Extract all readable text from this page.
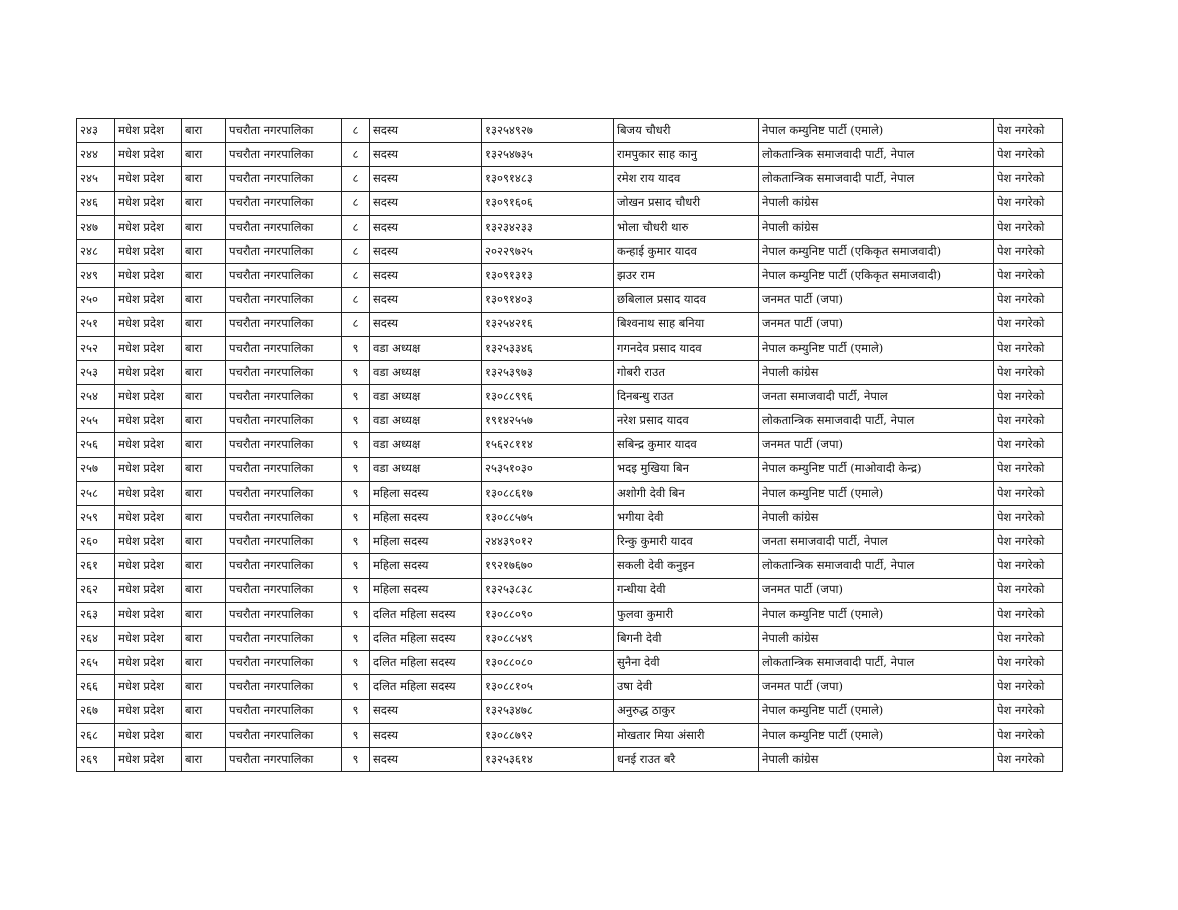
२४३	मधेश प्रदेश	बारा	पचरौता नगरपालिका	८	सदस्य	१३२५४९२७	बिजय चौधरी	नेपाल कम्युनिष्ट पार्टी (एमाले)	पेश नगरेको
२४४	मधेश प्रदेश	बारा	पचरौता नगरपालिका	८	सदस्य	१३२५४७३५	रामपुकार साह कानु	लोकतान्त्रिक समाजवादी पार्टी, नेपाल	पेश नगरेको
२४५	मधेश प्रदेश	बारा	पचरौता नगरपालिका	८	सदस्य	१३०९१४८३	रमेश राय यादव	लोकतान्त्रिक समाजवादी पार्टी, नेपाल	पेश नगरेको
२४६	मधेश प्रदेश	बारा	पचरौता नगरपालिका	८	सदस्य	१३०९१६०६	जोखन प्रसाद चौधरी	नेपाली कांग्रेस	पेश नगरेको
२४७	मधेश प्रदेश	बारा	पचरौता नगरपालिका	८	सदस्य	१३२३४२३३	भोला चौधरी थारु	नेपाली कांग्रेस	पेश नगरेको
२४८	मधेश प्रदेश	बारा	पचरौता नगरपालिका	८	सदस्य	२०२२९७२५	कन्हाई कुमार यादव	नेपाल कम्युनिष्ट पार्टी (एकिकृत समाजवादी)	पेश नगरेको
२४९	मधेश प्रदेश	बारा	पचरौता नगरपालिका	८	सदस्य	१३०९१३१३	झउर राम	नेपाल कम्युनिष्ट पार्टी (एकिकृत समाजवादी)	पेश नगरेको
२५०	मधेश प्रदेश	बारा	पचरौता नगरपालिका	८	सदस्य	१३०९१४०३	छबिलाल प्रसाद यादव	जनमत पार्टी (जपा)	पेश नगरेको
२५१	मधेश प्रदेश	बारा	पचरौता नगरपालिका	८	सदस्य	१३२५४२१६	बिश्वनाथ साह बनिया	जनमत पार्टी (जपा)	पेश नगरेको
२५२	मधेश प्रदेश	बारा	पचरौता नगरपालिका	९	वडा अध्यक्ष	१३२५३३४६	गगनदेव प्रसाद यादव	नेपाल कम्युनिष्ट पार्टी (एमाले)	पेश नगरेको
२५३	मधेश प्रदेश	बारा	पचरौता नगरपालिका	९	वडा अध्यक्ष	१३२५३९७३	गोबरी राउत	नेपाली कांग्रेस	पेश नगरेको
२५४	मधेश प्रदेश	बारा	पचरौता नगरपालिका	९	वडा अध्यक्ष	१३०८८९९६	दिनबन्धु राउत	जनता समाजवादी पार्टी, नेपाल	पेश नगरेको
२५५	मधेश प्रदेश	बारा	पचरौता नगरपालिका	९	वडा अध्यक्ष	१९१४२५५७	नरेश प्रसाद यादव	लोकतान्त्रिक समाजवादी पार्टी, नेपाल	पेश नगरेको
२५६	मधेश प्रदेश	बारा	पचरौता नगरपालिका	९	वडा अध्यक्ष	१५६२८११४	सबिन्द्र कुमार यादव	जनमत पार्टी (जपा)	पेश नगरेको
२५७	मधेश प्रदेश	बारा	पचरौता नगरपालिका	९	वडा अध्यक्ष	२५३५१०३०	भदइ मुखिया बिन	नेपाल कम्युनिष्ट पार्टी (माओवादी केन्द्र)	पेश नगरेको
२५८	मधेश प्रदेश	बारा	पचरौता नगरपालिका	९	महिला सदस्य	१३०८८६१७	अशोगी देवी बिन	नेपाल कम्युनिष्ट पार्टी (एमाले)	पेश नगरेको
२५९	मधेश प्रदेश	बारा	पचरौता नगरपालिका	९	महिला सदस्य	१३०८८५७५	भगीया देवी	नेपाली कांग्रेस	पेश नगरेको
२६०	मधेश प्रदेश	बारा	पचरौता नगरपालिका	९	महिला सदस्य	२४४३९०१२	रिन्कु कुमारी यादव	जनता समाजवादी पार्टी, नेपाल	पेश नगरेको
२६१	मधेश प्रदेश	बारा	पचरौता नगरपालिका	९	महिला सदस्य	१९२१७६७०	सकली देवी कनुइन	लोकतान्त्रिक समाजवादी पार्टी, नेपाल	पेश नगरेको
२६२	मधेश प्रदेश	बारा	पचरौता नगरपालिका	९	महिला सदस्य	१३२५३८३८	गन्धीया देवी	जनमत पार्टी (जपा)	पेश नगरेको
२६३	मधेश प्रदेश	बारा	पचरौता नगरपालिका	९	दलित महिला सदस्य	१३०८८०९०	फुलवा कुमारी	नेपाल कम्युनिष्ट पार्टी (एमाले)	पेश नगरेको
२६४	मधेश प्रदेश	बारा	पचरौता नगरपालिका	९	दलित महिला सदस्य	१३०८८५४९	बिगनी देवी	नेपाली कांग्रेस	पेश नगरेको
२६५	मधेश प्रदेश	बारा	पचरौता नगरपालिका	९	दलित महिला सदस्य	१३०८८०८०	सुनैना देवी	लोकतान्त्रिक समाजवादी पार्टी, नेपाल	पेश नगरेको
२६६	मधेश प्रदेश	बारा	पचरौता नगरपालिका	९	दलित महिला सदस्य	१३०८८१०५	उषा देवी	जनमत पार्टी (जपा)	पेश नगरेको
२६७	मधेश प्रदेश	बारा	पचरौता नगरपालिका	९	सदस्य	१३२५३४७८	अनुरुद्ध ठाकुर	नेपाल कम्युनिष्ट पार्टी (एमाले)	पेश नगरेको
२६८	मधेश प्रदेश	बारा	पचरौता नगरपालिका	९	सदस्य	१३०८८७९२	मोखतार मिया अंसारी	नेपाल कम्युनिष्ट पार्टी (एमाले)	पेश नगरेको
२६९	मधेश प्रदेश	बारा	पचरौता नगरपालिका	९	सदस्य	१३२५३६१४	धनई राउत बरै	नेपाली कांग्रेस	पेश नगरेको
